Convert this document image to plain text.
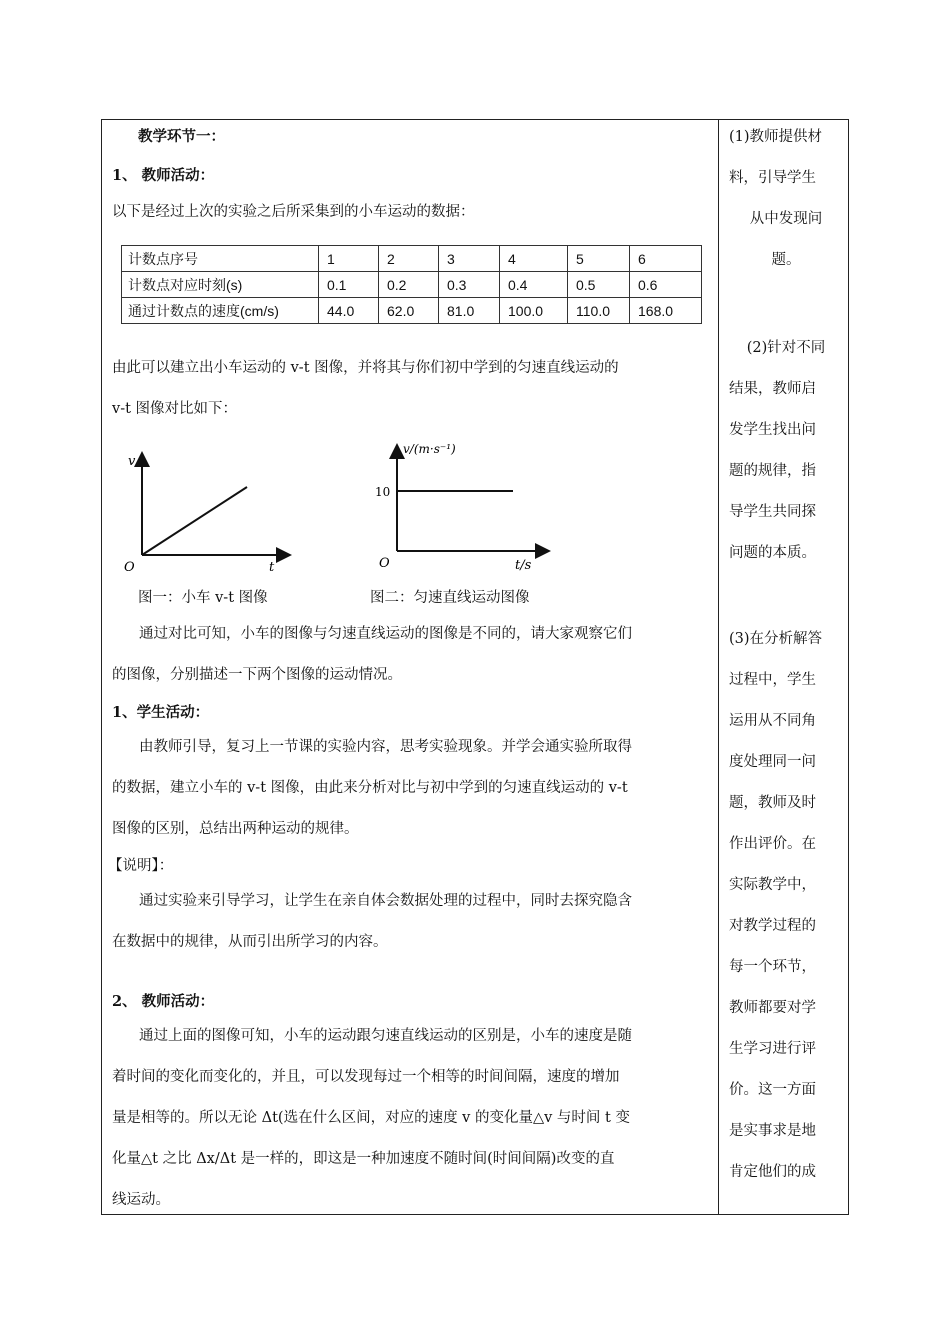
教学环节一：
1、 教师活动：
以下是经过上次的实验之后所采集到的小车运动的数据：
计数点序号	1	2	3	4	5	6
计数点对应时刻(s)	0.1	0.2	0.3	0.4	0.5	0.6
通过计数点的速度(cm/s)	44.0	62.0	81.0	100.0	110.0	168.0
由此可以建立出小车运动的 v-t 图像，并将其与你们初中学到的匀速直线运动的
v-t 图像对比如下：
v
t
O
v/(m·s⁻¹)
10
O	t/s
图一：小车 v-t 图像	图二：匀速直线运动图像
通过对比可知，小车的图像与匀速直线运动的图像是不同的，请大家观察它们
的图像，分别描述一下两个图像的运动情况。
1、学生活动：
由教师引导，复习上一节课的实验内容，思考实验现象。并学会通实验所取得
的数据，建立小车的 v-t 图像，由此来分析对比与初中学到的匀速直线运动的 v-t
图像的区别，总结出两种运动的规律。
【说明】：
通过实验来引导学习，让学生在亲自体会数据处理的过程中，同时去探究隐含
在数据中的规律，从而引出所学习的内容。
2、 教师活动：
通过上面的图像可知，小车的运动跟匀速直线运动的区别是，小车的速度是随
着时间的变化而变化的，并且，可以发现每过一个相等的时间间隔，速度的增加
量是相等的。所以无论 Δt(选在什么区间，对应的速度 v 的变化量△v 与时间 t 变
化量△t 之比 Δx/Δt 是一样的，即这是一种加速度不随时间(时间间隔)改变的直
线运动。
(1)教师提供材
料，引导学生
从中发现问
题。
(2)针对不同
结果，教师启
发学生找出问
题的规律，指
导学生共同探
问题的本质。
(3)在分析解答
过程中，学生
运用从不同角
度处理同一问
题，教师及时
作出评价。在
实际教学中，
对教学过程的
每一个环节，
教师都要对学
生学习进行评
价。这一方面
是实事求是地
肯定他们的成
